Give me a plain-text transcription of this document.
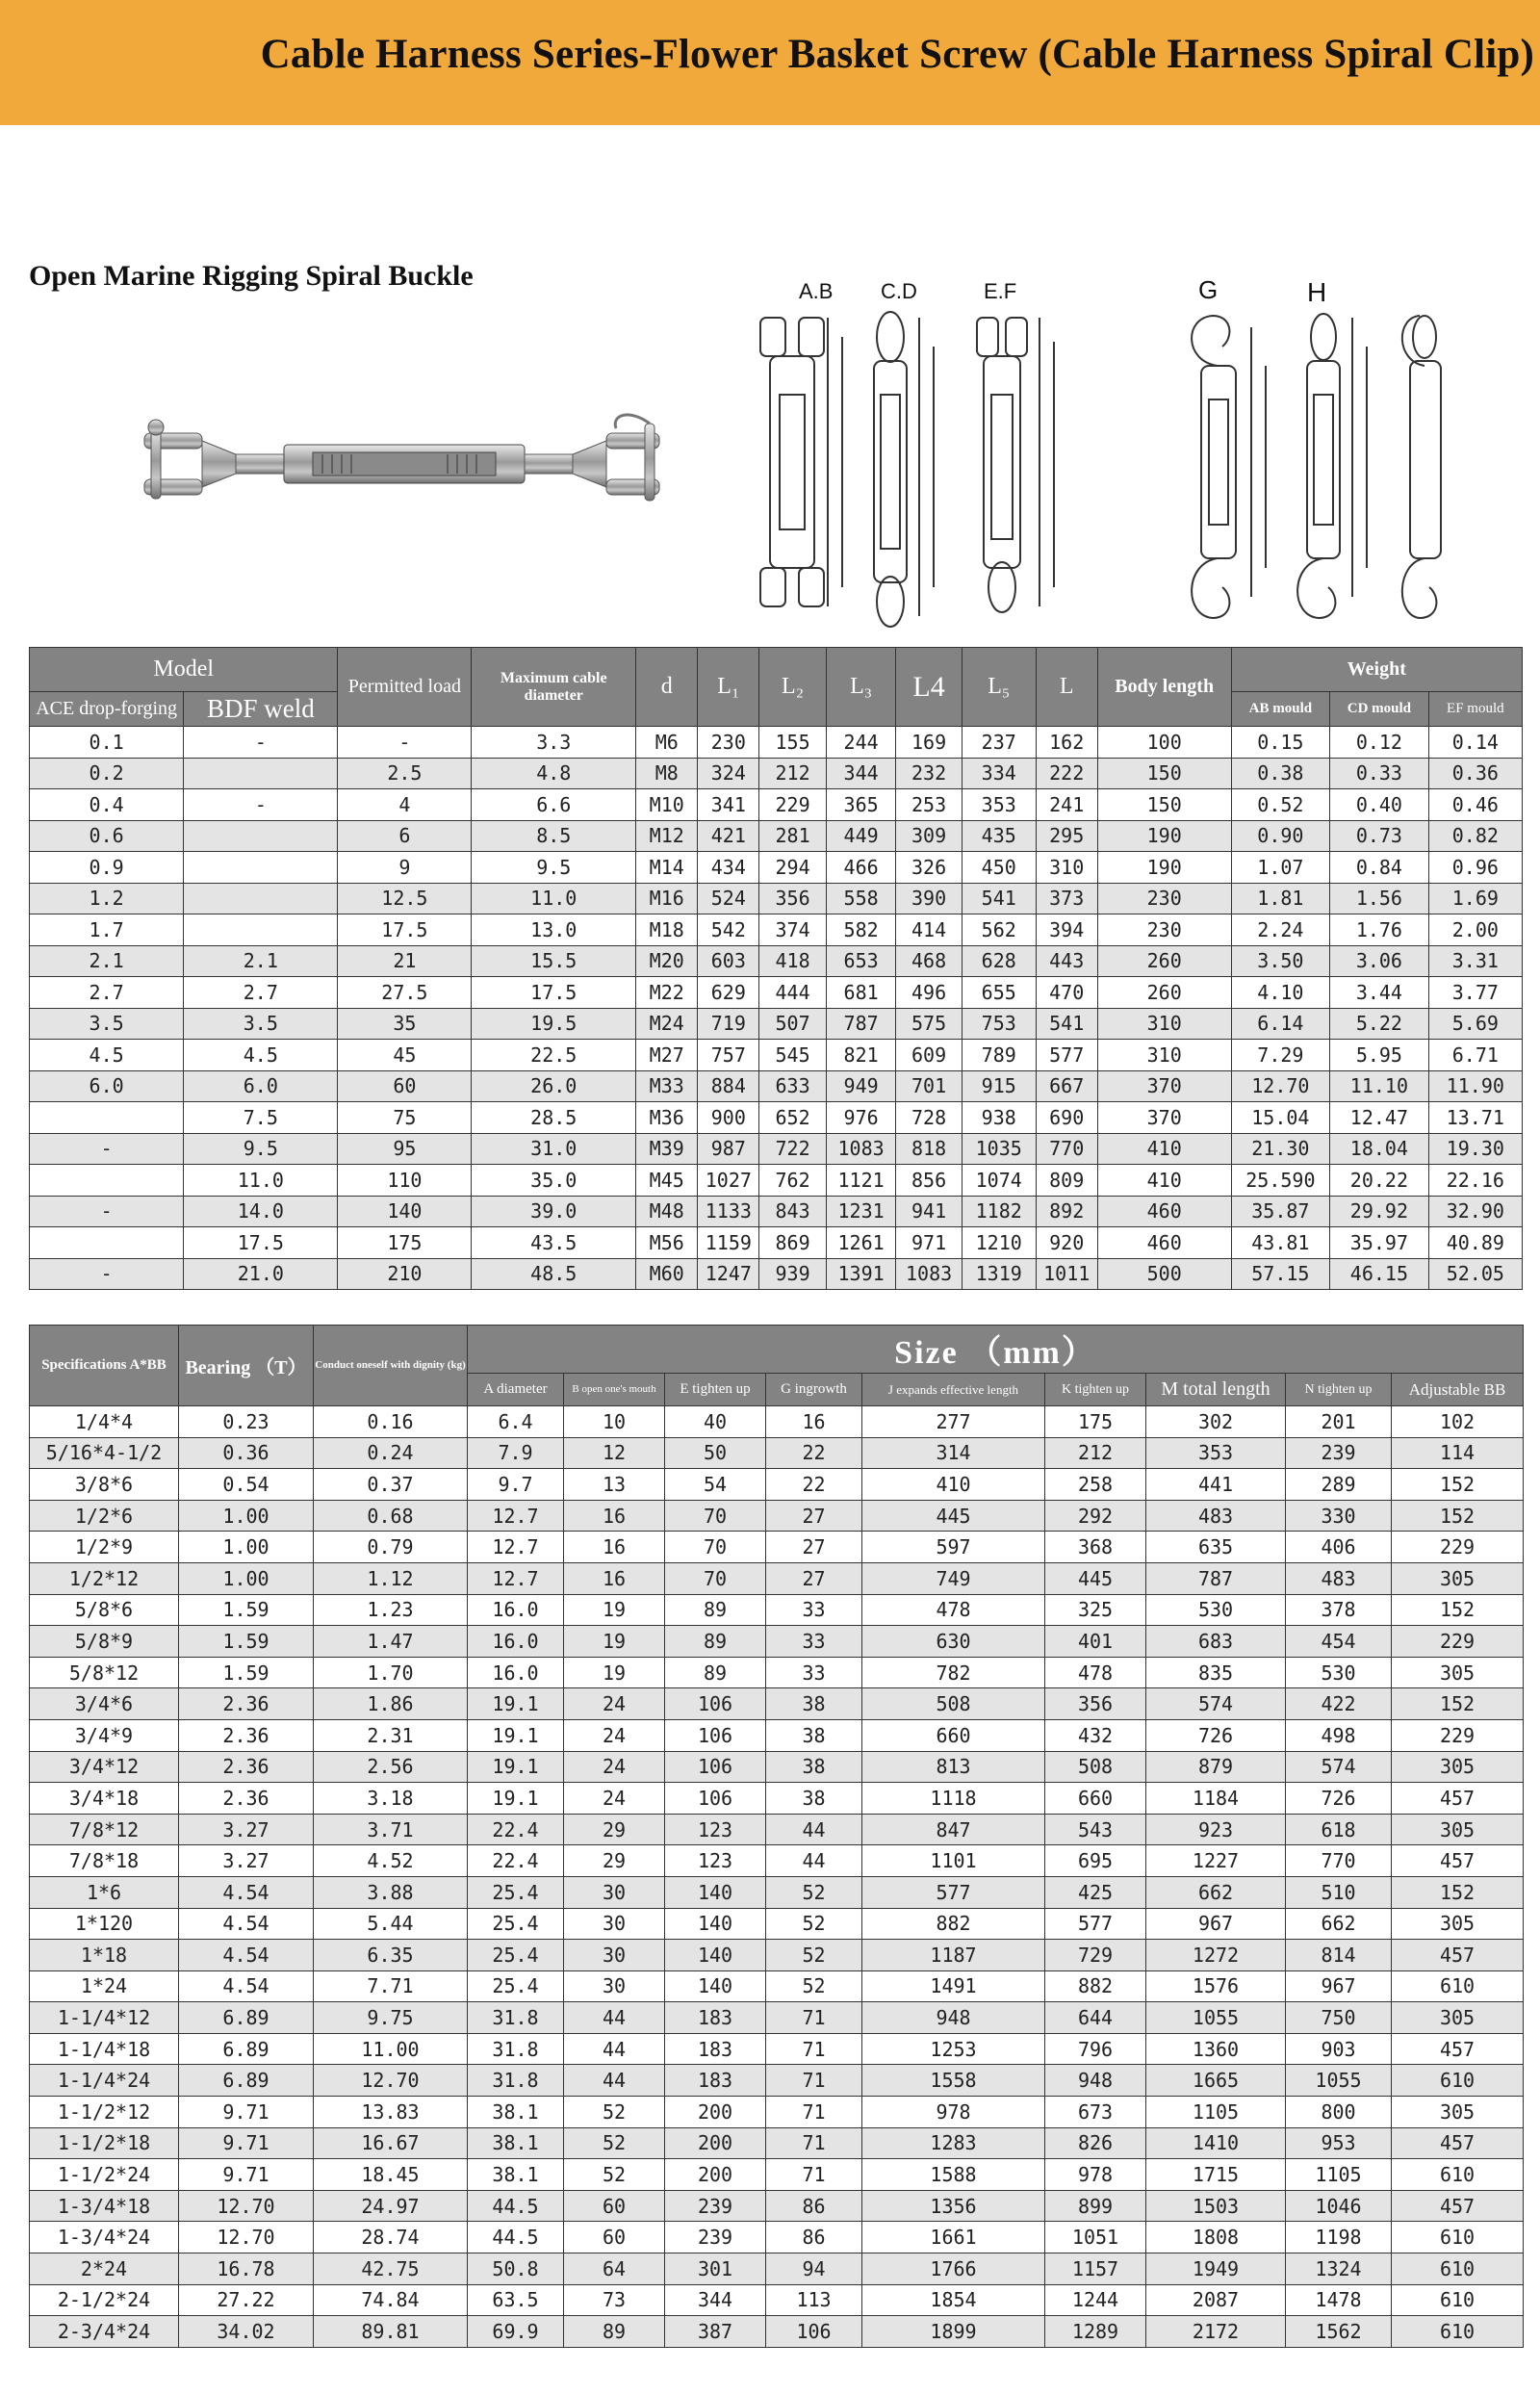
Cable Harness Series-Flower Basket Screw (Cable Harness Spiral Clip)
Open Marine Rigging Spiral Buckle	A.B C.D	E.F	G	H
Model		Permitted load	Maximum cable diameter	d	L₁	L₂	L₃	L4	L₅	L	Body length	Weight		
ACE drop-forging	BDF weld											AB mould	CD mould	EF mould
0.1	-	-	3.3	M6	230	155	244	169	237	162	100	0.15	0.12	0.14
0.2		2.5	4.8	M8	324	212	344	232	334	222	150	0.38	0.33	0.36
0.4	-	4	6.6	M10	341	229	365	253	353	241	150	0.52	0.40	0.46
0.6		6	8.5	M12	421	281	449	309	435	295	190	0.90	0.73	0.82
0.9		9	9.5	M14	434	294	466	326	450	310	190	1.07	0.84	0.96
1.2		12.5	11.0	M16	524	356	558	390	541	373	230	1.81	1.56	1.69
1.7		17.5	13.0	M18	542	374	582	414	562	394	230	2.24	1.76	2.00
2.1	2.1	21	15.5	M20	603	418	653	468	628	443	260	3.50	3.06	3.31
2.7	2.7	27.5	17.5	M22	629	444	681	496	655	470	260	4.10	3.44	3.77
3.5	3.5	35	19.5	M24	719	507	787	575	753	541	310	6.14	5.22	5.69
4.5	4.5	45	22.5	M27	757	545	821	609	789	577	310	7.29	5.95	6.71
6.0	6.0	60	26.0	M33	884	633	949	701	915	667	370	12.70	11.10	11.90
	7.5	75	28.5	M36	900	652	976	728	938	690	370	15.04	12.47	13.71
-	9.5	95	31.0	M39	987	722	1083	818	1035	770	410	21.30	18.04	19.30
	11.0	110	35.0	M45	1027	762	1121	856	1074	809	410	25.590	20.22	22.16
-	14.0	140	39.0	M48	1133	843	1231	941	1182	892	460	35.87	29.92	32.90
	17.5	175	43.5	M56	1159	869	1261	971	1210	920	460	43.81	35.97	40.89
-	21.0	210	48.5	M60	1247	939	1391	1083	1319	1011	500	57.15	46.15	52.05
Specifications A*BB	Bearing （T）	Conduct oneself with dignity (kg)	Size （mm）								
			A diameter	B open one's mouth	E tighten up	G ingrowth	J expands effective length	K tighten up	M total length	N tighten up	Adjustable BB
1/4*4	0.23	0.16	6.4	10	40	16	277	175	302	201	102
5/16*4-1/2	0.36	0.24	7.9	12	50	22	314	212	353	239	114
3/8*6	0.54	0.37	9.7	13	54	22	410	258	441	289	152
1/2*6	1.00	0.68	12.7	16	70	27	445	292	483	330	152
1/2*9	1.00	0.79	12.7	16	70	27	597	368	635	406	229
1/2*12	1.00	1.12	12.7	16	70	27	749	445	787	483	305
5/8*6	1.59	1.23	16.0	19	89	33	478	325	530	378	152
5/8*9	1.59	1.47	16.0	19	89	33	630	401	683	454	229
5/8*12	1.59	1.70	16.0	19	89	33	782	478	835	530	305
3/4*6	2.36	1.86	19.1	24	106	38	508	356	574	422	152
3/4*9	2.36	2.31	19.1	24	106	38	660	432	726	498	229
3/4*12	2.36	2.56	19.1	24	106	38	813	508	879	574	305
3/4*18	2.36	3.18	19.1	24	106	38	1118	660	1184	726	457
7/8*12	3.27	3.71	22.4	29	123	44	847	543	923	618	305
7/8*18	3.27	4.52	22.4	29	123	44	1101	695	1227	770	457
1*6	4.54	3.88	25.4	30	140	52	577	425	662	510	152
1*120	4.54	5.44	25.4	30	140	52	882	577	967	662	305
1*18	4.54	6.35	25.4	30	140	52	1187	729	1272	814	457
1*24	4.54	7.71	25.4	30	140	52	1491	882	1576	967	610
1-1/4*12	6.89	9.75	31.8	44	183	71	948	644	1055	750	305
1-1/4*18	6.89	11.00	31.8	44	183	71	1253	796	1360	903	457
1-1/4*24	6.89	12.70	31.8	44	183	71	1558	948	1665	1055	610
1-1/2*12	9.71	13.83	38.1	52	200	71	978	673	1105	800	305
1-1/2*18	9.71	16.67	38.1	52	200	71	1283	826	1410	953	457
1-1/2*24	9.71	18.45	38.1	52	200	71	1588	978	1715	1105	610
1-3/4*18	12.70	24.97	44.5	60	239	86	1356	899	1503	1046	457
1-3/4*24	12.70	28.74	44.5	60	239	86	1661	1051	1808	1198	610
2*24	16.78	42.75	50.8	64	301	94	1766	1157	1949	1324	610
2-1/2*24	27.22	74.84	63.5	73	344	113	1854	1244	2087	1478	610
2-3/4*24	34.02	89.81	69.9	89	387	106	1899	1289	2172	1562	610
